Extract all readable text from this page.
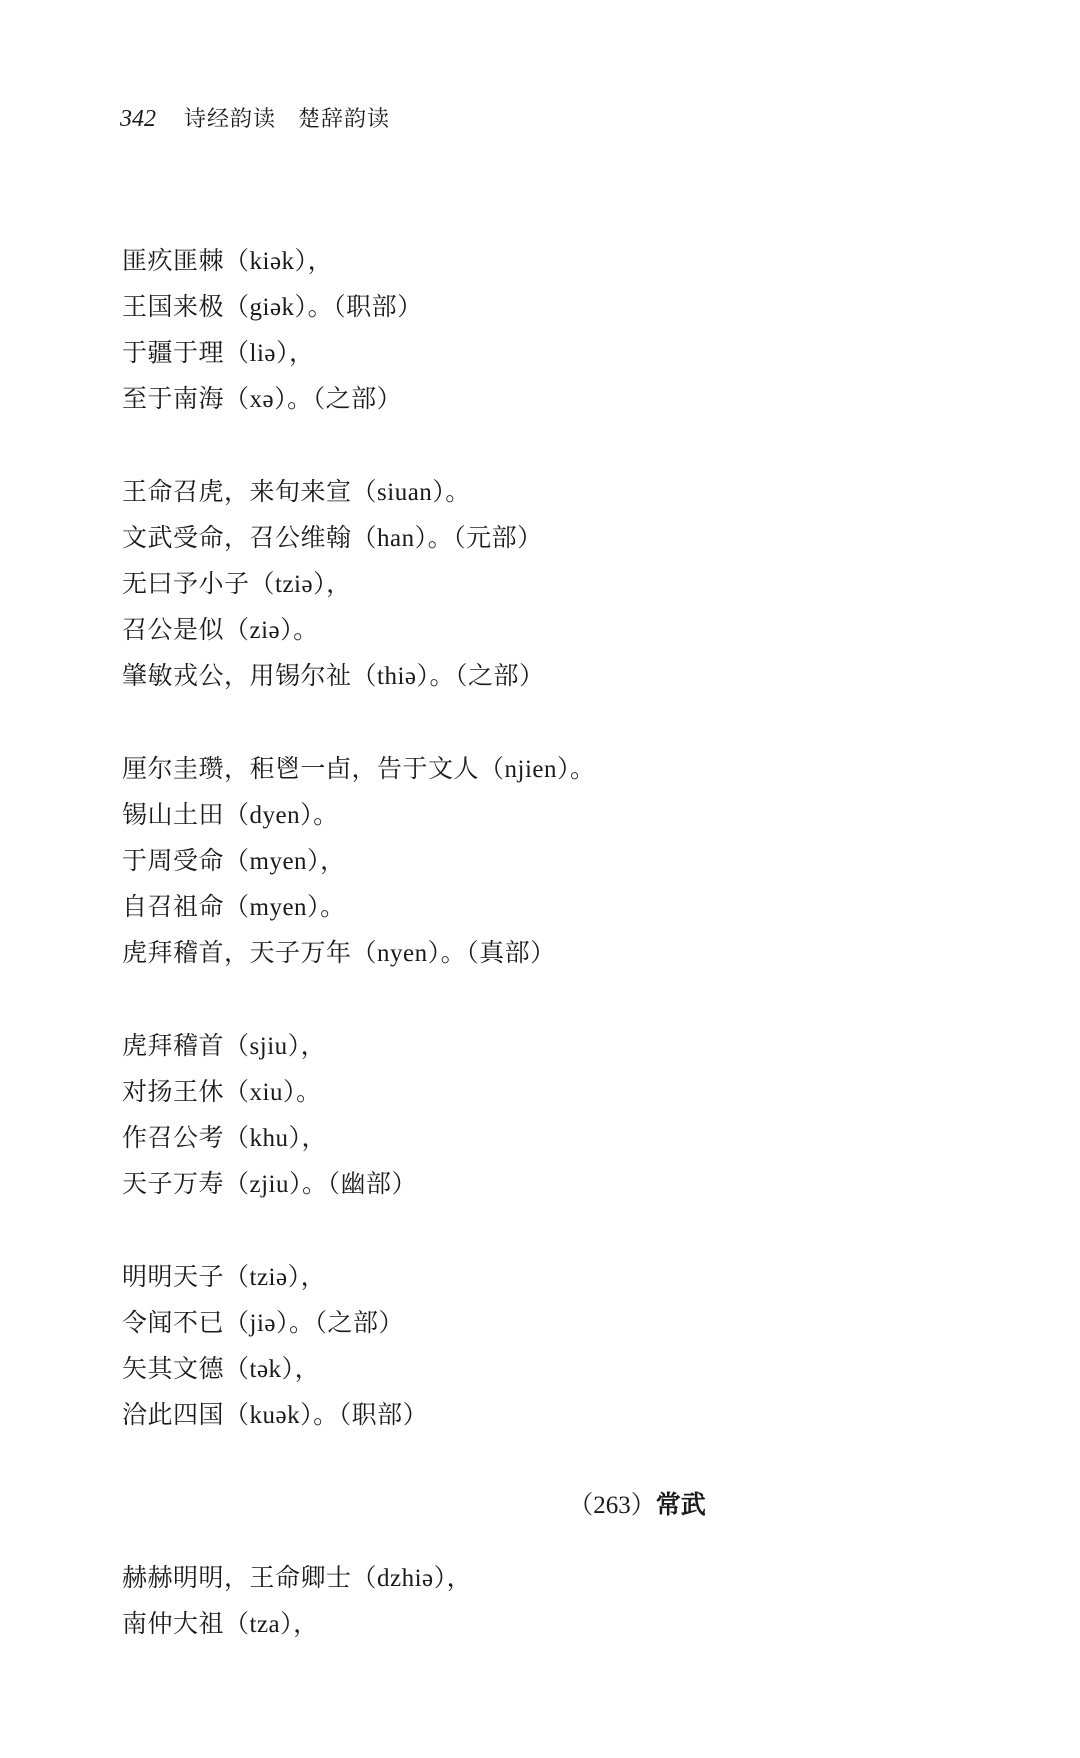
342 诗经韵读 楚辞韵读
匪疚匪棘（kiək），
王国来极（giək）。（职部）
于疆于理（liə），
至于南海（xə）。（之部）
王命召虎，来旬来宣（siuan）。
文武受命，召公维翰（han）。（元部）
无曰予小子（tziə），
召公是似（ziə）。
肇敏戎公，用锡尔祉（thiə）。（之部）
厘尔圭瓒，秬鬯一卣，告于文人（njien）。
锡山土田（dyen）。
于周受命（myen），
自召祖命（myen）。
虎拜稽首，天子万年（nyen）。（真部）
虎拜稽首（sjiu），
对扬王休（xiu）。
作召公考（khu），
天子万寿（zjiu）。（幽部）
明明天子（tziə），
令闻不已（jiə）。（之部）
矢其文德（tək），
洽此四国（kuək）。（职部）
（263）常武
赫赫明明，王命卿士（dzhiə），
南仲大祖（tza），
